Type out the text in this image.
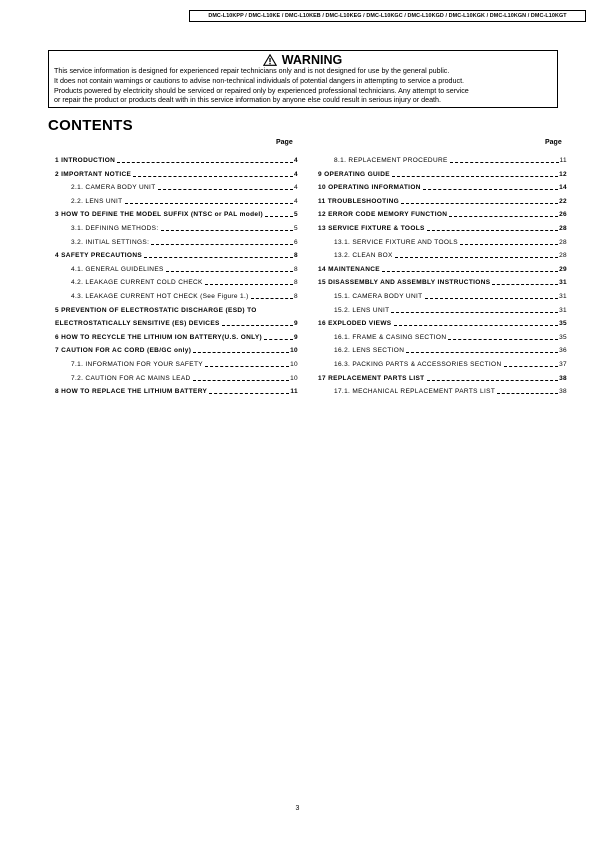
DMC-L10KPP / DMC-L10KE / DMC-L10KEB / DMC-L10KEG / DMC-L10KGC / DMC-L10KGD / DMC-L10KGK / DMC-L10KGN / DMC-L10KGT
WARNING
This service information is designed for experienced repair technicians only and is not designed for use by the general public.
It does not contain warnings or cautions to advise non-technical individuals of potential dangers in attempting to service a product.
Products powered by electricity should be serviced or repaired only by experienced professional technicians. Any attempt to service
or repair the product or products dealt with in this service information by anyone else could result in serious injury or death.
CONTENTS
Page	Page
1 INTRODUCTION	4
2 IMPORTANT NOTICE	4
2.1. CAMERA BODY UNIT	4
2.2. LENS UNIT	4
3 HOW TO DEFINE THE MODEL SUFFIX (NTSC or PAL model)	5
3.1. DEFINING METHODS:	5
3.2. INITIAL SETTINGS:	6
4 SAFETY PRECAUTIONS	8
4.1. GENERAL GUIDELINES	8
4.2. LEAKAGE CURRENT COLD CHECK	8
4.3. LEAKAGE CURRENT HOT CHECK (See Figure 1.)	8
5 PREVENTION OF ELECTROSTATIC DISCHARGE (ESD) TO
ELECTROSTATICALLY SENSITIVE (ES) DEVICES	9
6 HOW TO RECYCLE THE LITHIUM ION BATTERY(U.S. ONLY)	9
7 CAUTION FOR AC CORD (EB/GC only)	10
7.1. INFORMATION FOR YOUR SAFETY	10
7.2. CAUTION FOR AC MAINS LEAD	10
8 HOW TO REPLACE THE LITHIUM BATTERY	11
8.1. REPLACEMENT PROCEDURE	11
9 OPERATING GUIDE	12
10 OPERATING INFORMATION	14
11 TROUBLESHOOTING	22
12 ERROR CODE MEMORY FUNCTION	26
13 SERVICE FIXTURE & TOOLS	28
13.1. SERVICE FIXTURE AND TOOLS	28
13.2. CLEAN BOX	28
14 MAINTENANCE	29
15 DISASSEMBLY AND ASSEMBLY INSTRUCTIONS	31
15.1. CAMERA BODY UNIT	31
15.2. LENS UNIT	31
16 EXPLODED VIEWS	35
16.1. FRAME & CASING SECTION	35
16.2. LENS SECTION	36
16.3. PACKING PARTS & ACCESSORIES SECTION	37
17 REPLACEMENT PARTS LIST	38
17.1. MECHANICAL REPLACEMENT PARTS LIST	38
3
